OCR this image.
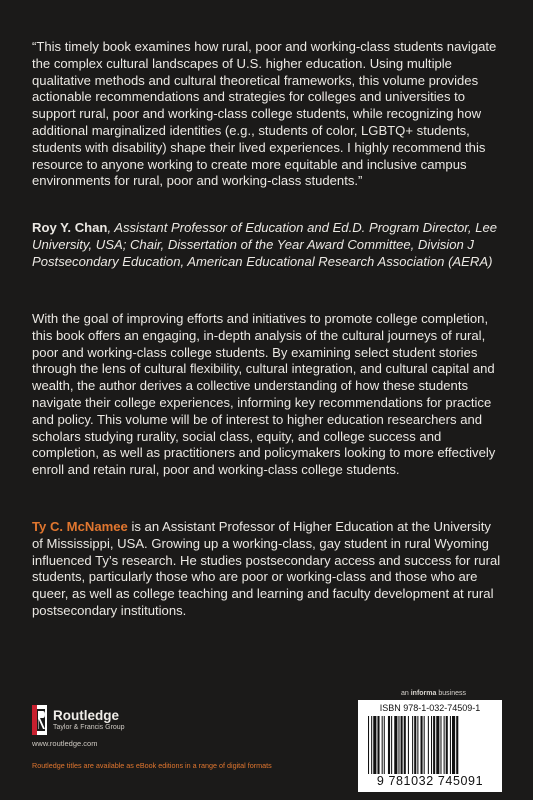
“This timely book examines how rural, poor and working-class students navigate the complex cultural landscapes of U.S. higher education. Using multiple qualitative methods and cultural theoretical frameworks, this volume provides actionable recommendations and strategies for colleges and universities to support rural, poor and working-class college students, while recognizing how additional marginalized identities (e.g., students of color, LGBTQ+ students, students with disability) shape their lived experiences. I highly recommend this resource to anyone working to create more equitable and inclusive campus environments for rural, poor and working-class students.”

Roy Y. Chan, Assistant Professor of Education and Ed.D. Program Director, Lee University, USA; Chair, Dissertation of the Year Award Committee, Division J Postsecondary Education, American Educational Research Association (AERA)

With the goal of improving efforts and initiatives to promote college completion, this book offers an engaging, in-depth analysis of the cultural journeys of rural, poor and working-class college students. By examining select student stories through the lens of cultural flexibility, cultural integration, and cultural capital and wealth, the author derives a collective understanding of how these students navigate their college experiences, informing key recommendations for practice and policy. This volume will be of interest to higher education researchers and scholars studying rurality, social class, equity, and college success and completion, as well as practitioners and policymakers looking to more effectively enroll and retain rural, poor and working-class college students.

Ty C. McNamee is an Assistant Professor of Higher Education at the University of Mississippi, USA. Growing up a working-class, gay student in rural Wyoming influenced Ty’s research. He studies postsecondary access and success for rural students, particularly those who are poor or working-class and those who are queer, as well as college teaching and learning and faculty development at rural postsecondary institutions.

Routledge
Taylor & Francis Group
www.routledge.com
Routledge titles are available as eBook editions in a range of digital formats
an informa business
ISBN 978-1-032-74509-1
9 781032 745091
